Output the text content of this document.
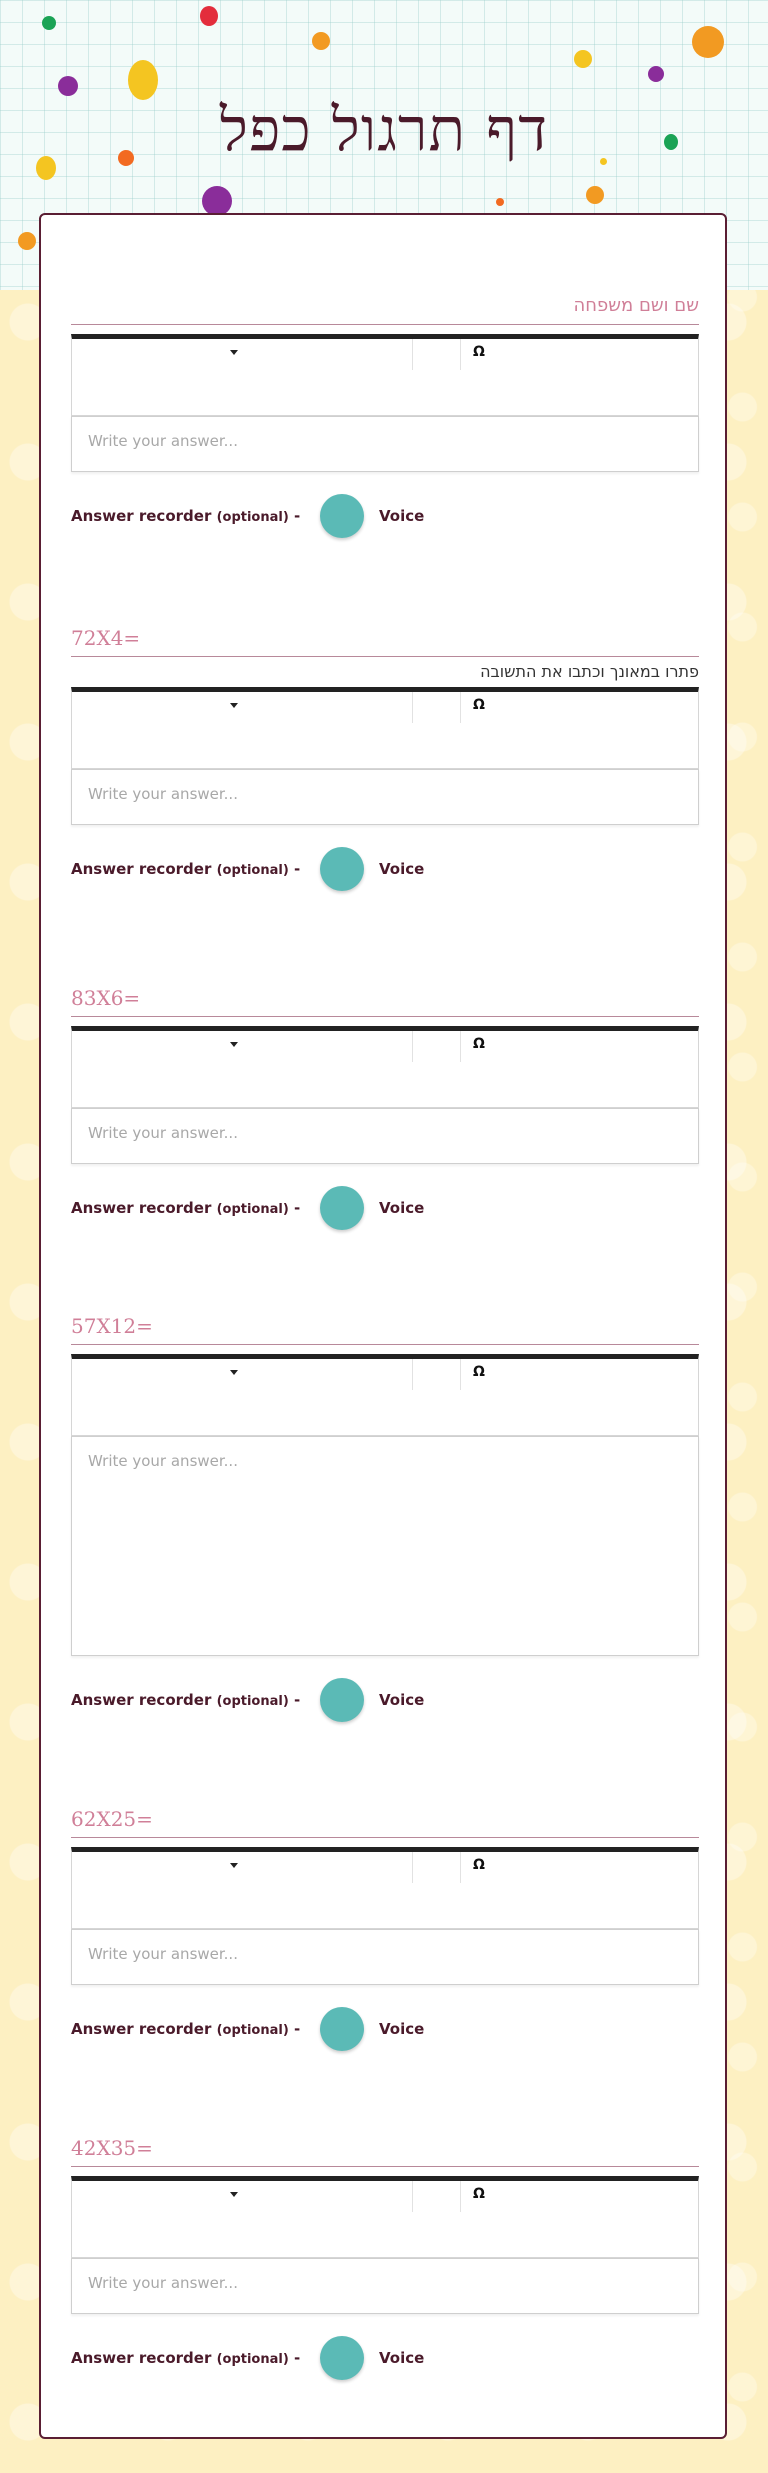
דף תרגול כפל
שם ושם משפחה
Ω
Write your answer...
Answer recorder (optional) -	Voice
72X4=
פתרו במאונך וכתבו את התשובה
Ω
Write your answer...
Answer recorder (optional) -	Voice
83X6=
Ω
Write your answer...
Answer recorder (optional) -	Voice
57X12=
Ω
Write your answer...
Answer recorder (optional) -	Voice
62X25=
Ω
Write your answer...
Answer recorder (optional) -	Voice
42X35=
Ω
Write your answer...
Answer recorder (optional) -	Voice
